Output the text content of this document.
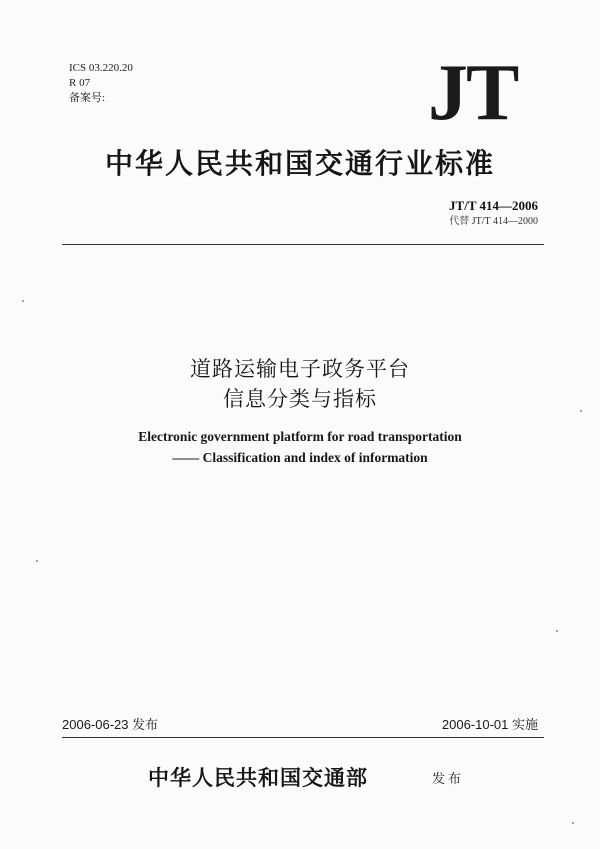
ICS 03.220.20
R 07
备案号:	JT
中华人民共和国交通行业标准
JT/T 414—2006
代替 JT/T 414—2000
道路运输电子政务平台
信息分类与指标
Electronic government platform for road transportation
—— Classification and index of information
2006-06-23 发布	2006-10-01 实施
中华人民共和国交通部	发布
